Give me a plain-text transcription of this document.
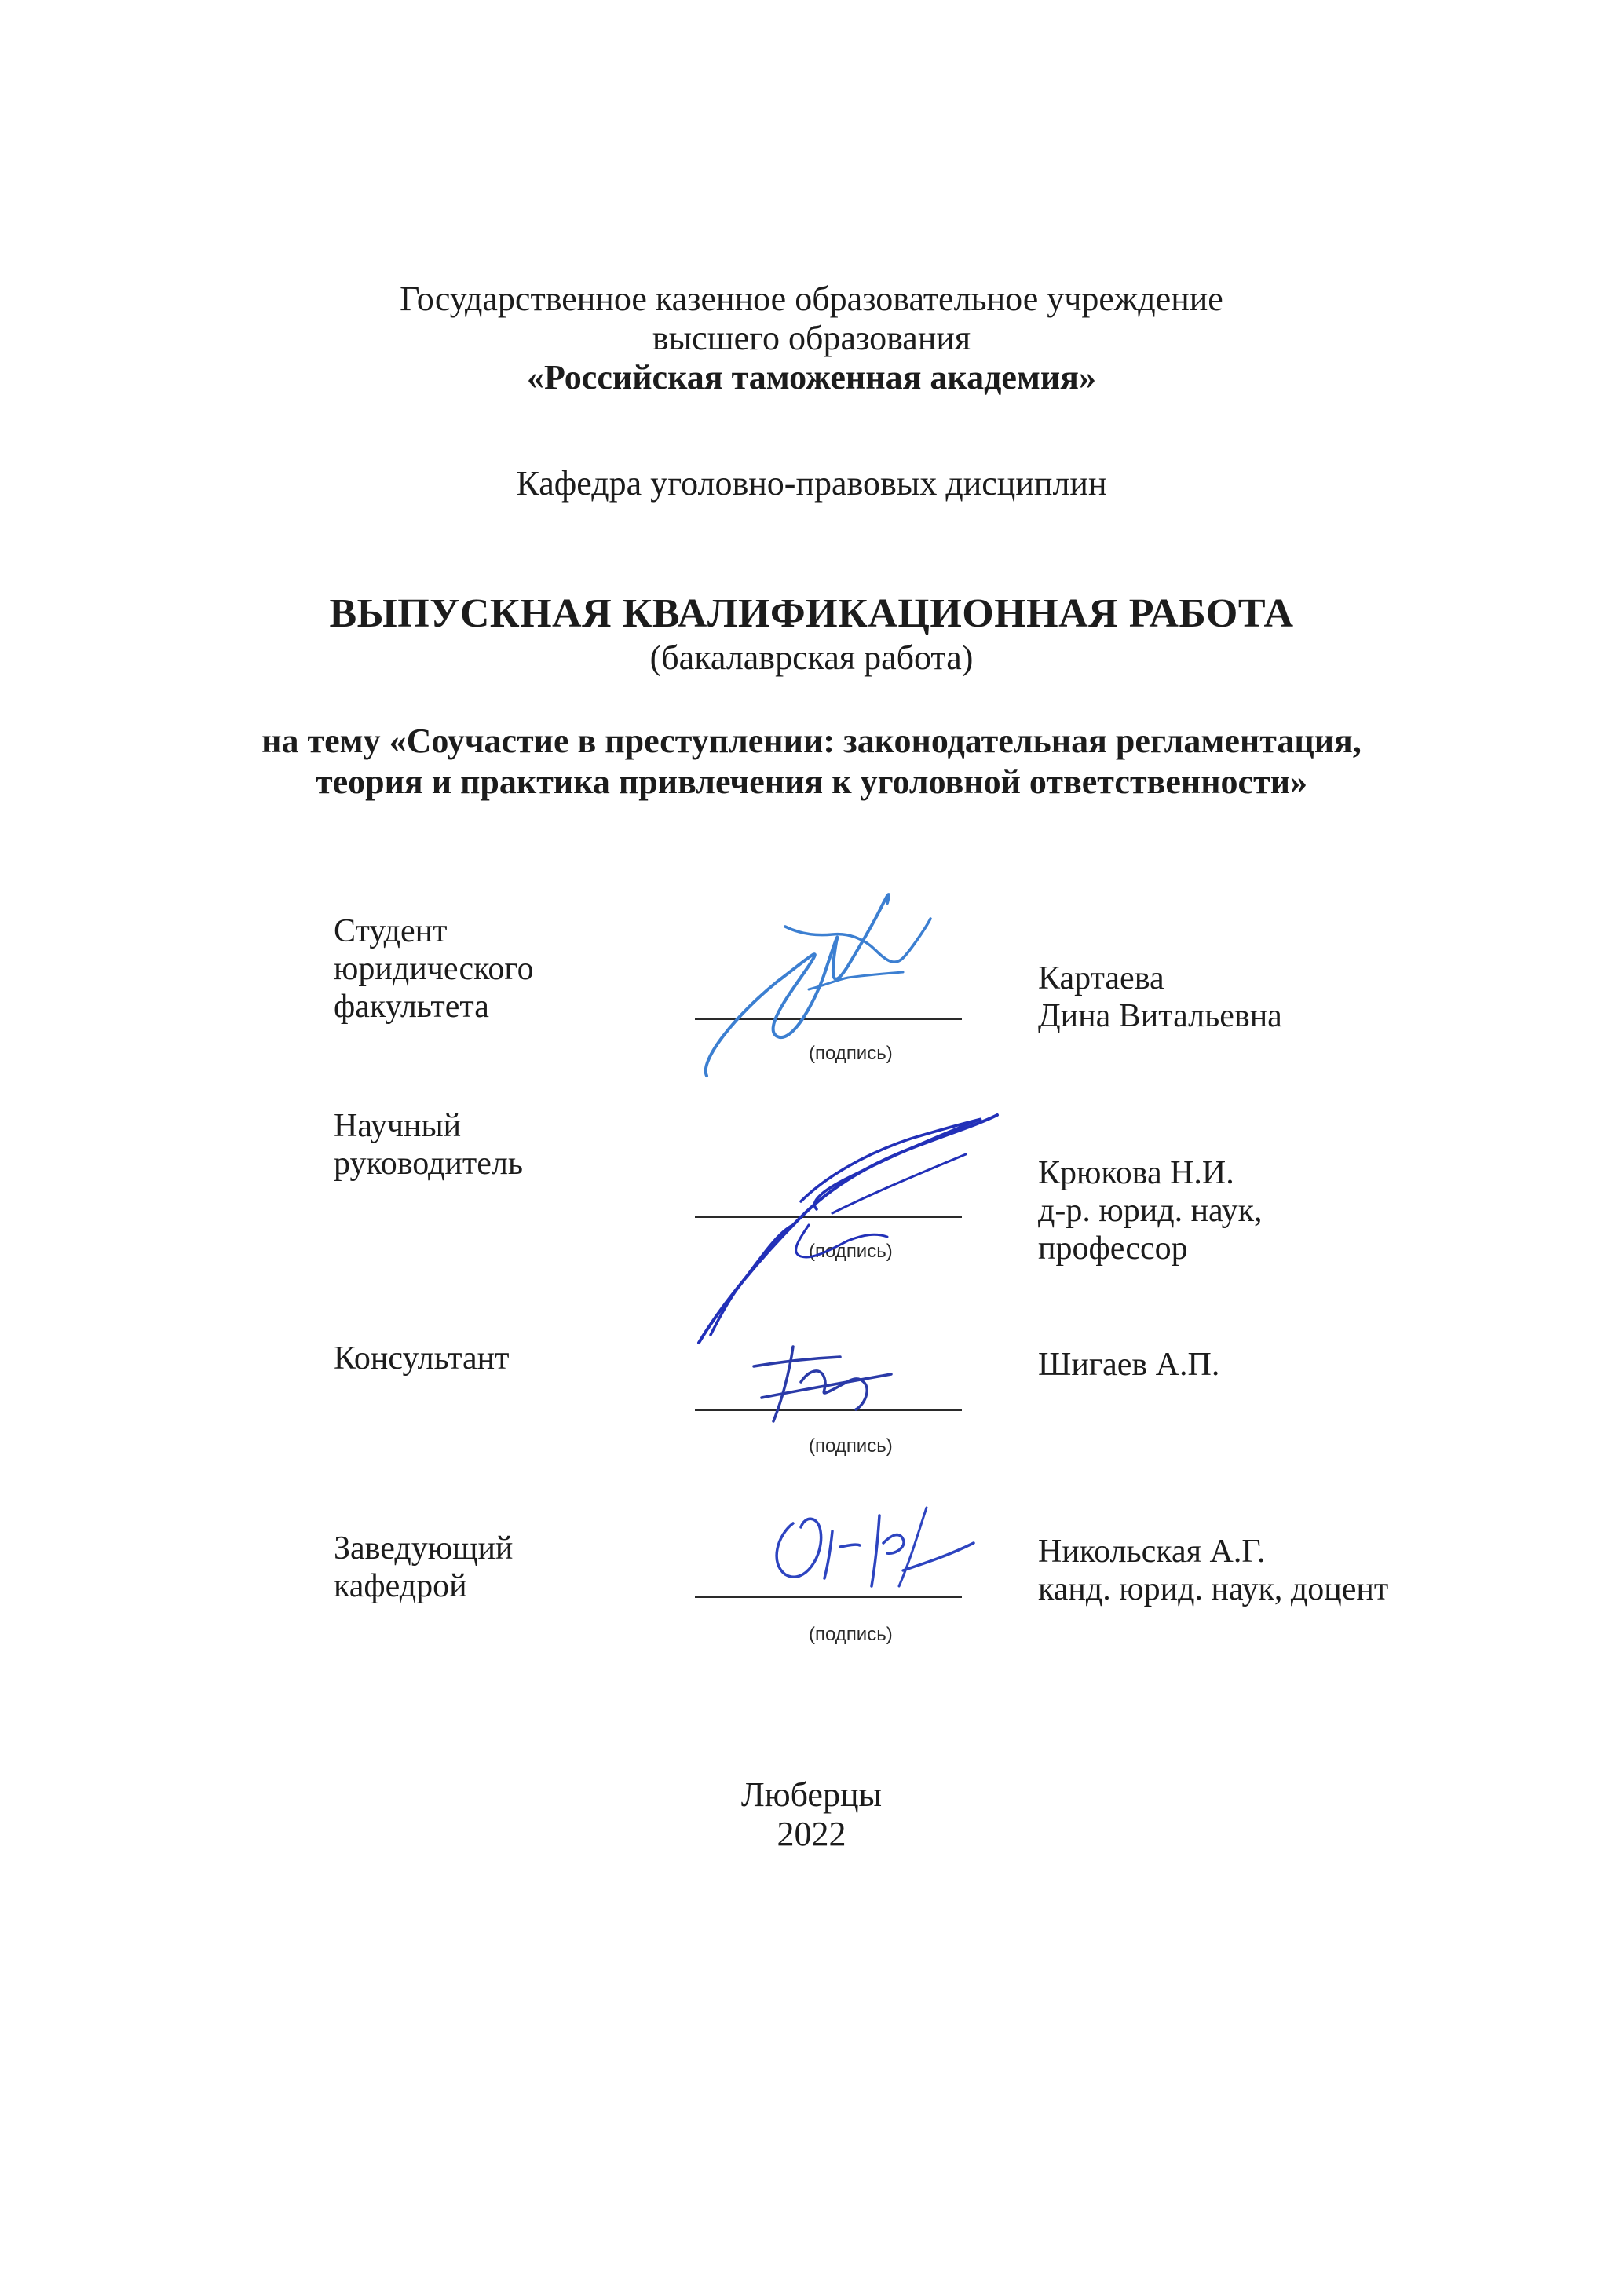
Государственное казенное образовательное учреждение
высшего образования
«Российская таможенная академия»
Кафедра уголовно-правовых дисциплин
ВЫПУСКНАЯ КВАЛИФИКАЦИОННАЯ РАБОТА
(бакалаврская работа)
на тему «Соучастие в преступлении: законодательная регламентация,
теория и практика привлечения к уголовной ответственности»
Студент
юридического
факультета
(подпись)
Картаева
Дина Витальевна
Научный
руководитель
(подпись)
Крюкова Н.И.
д-р. юрид. наук,
профессор
Консультант
(подпись)
Шигаев А.П.
Заведующий
кафедрой
(подпись)
Никольская А.Г.
канд. юрид. наук, доцент
Люберцы
2022
